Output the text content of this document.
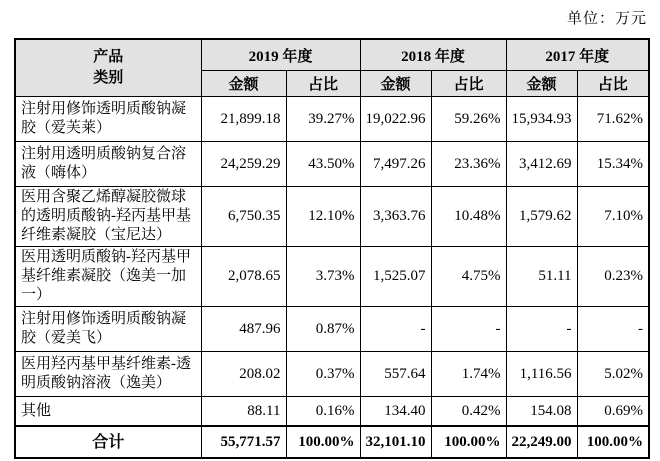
单位：万元
产品
类别	2019 年度		2018 年度		2017 年度	
	金额	占比	金额	占比	金额	占比
注射用修饰透明质酸钠凝胶（爱芙莱）	21,899.18	39.27%	19,022.96	59.26%	15,934.93	71.62%
注射用透明质酸钠复合溶液（嗨体）	24,259.29	43.50%	7,497.26	23.36%	3,412.69	15.34%
医用含聚乙烯醇凝胶微球的透明质酸钠-羟丙基甲基纤维素凝胶（宝尼达）	6,750.35	12.10%	3,363.76	10.48%	1,579.62	7.10%
医用透明质酸钠-羟丙基甲基纤维素凝胶（逸美一加一）	2,078.65	3.73%	1,525.07	4.75%	51.11	0.23%
注射用修饰透明质酸钠凝胶（爱美飞）	487.96	0.87%	-	-	-	-
医用羟丙基甲基纤维素-透明质酸钠溶液（逸美）	208.02	0.37%	557.64	1.74%	1,116.56	5.02%
其他	88.11	0.16%	134.40	0.42%	154.08	0.69%
合计	55,771.57	100.00%	32,101.10	100.00%	22,249.00	100.00%
